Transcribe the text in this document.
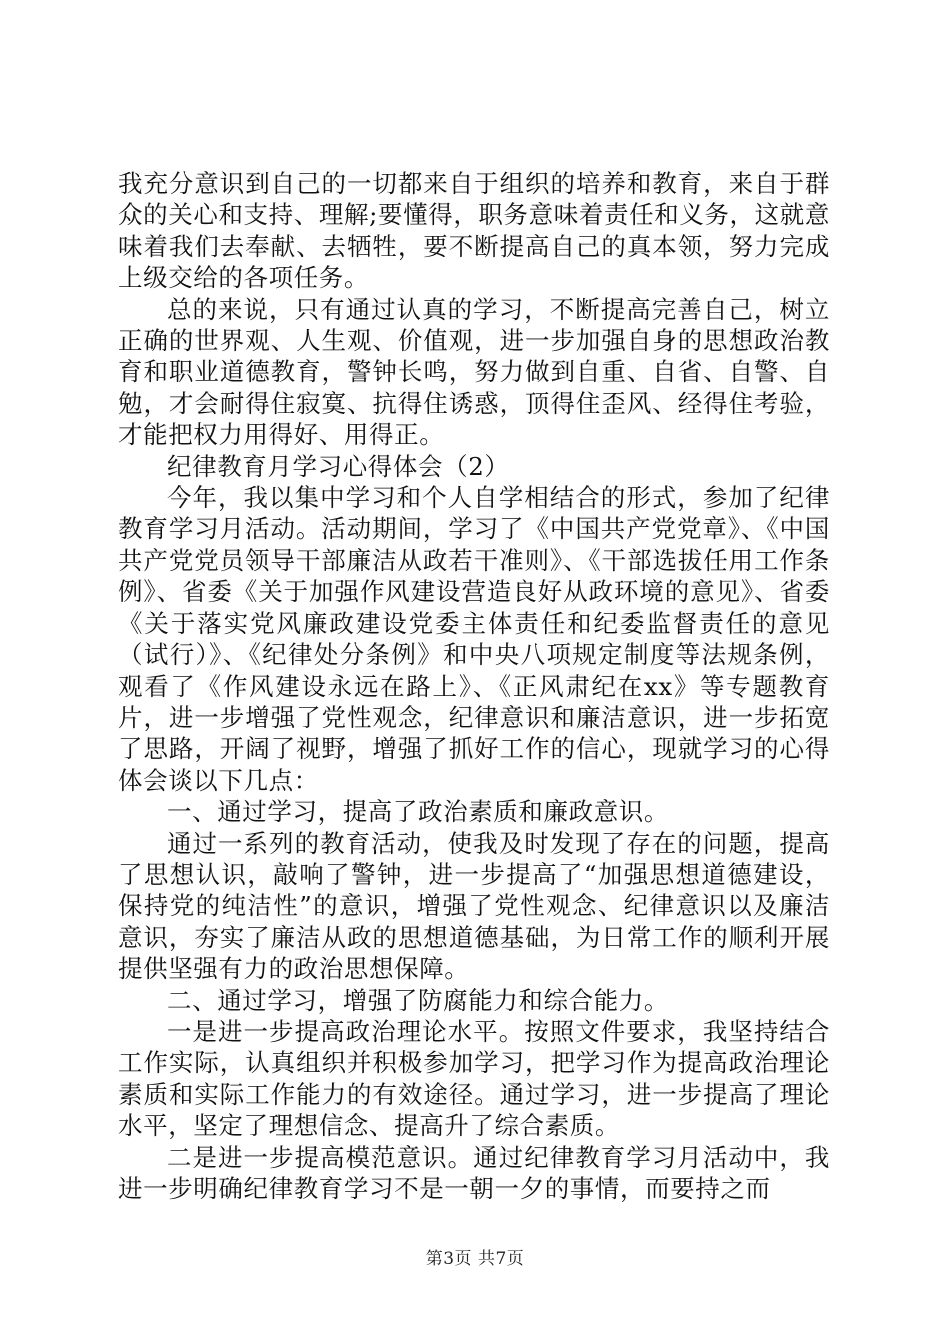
我充分意识到自己的一切都来自于组织的培养和教育，来自于群众的关心和支持、理解;要懂得，职务意味着责任和义务，这就意味着我们去奉献、去牺牲，要不断提高自己的真本领，努力完成上级交给的各项任务。

总的来说，只有通过认真的学习，不断提高完善自己，树立正确的世界观、人生观、价值观，进一步加强自身的思想政治教育和职业道德教育，警钟长鸣，努力做到自重、自省、自警、自勉，才会耐得住寂寞、抗得住诱惑，顶得住歪风、经得住考验，才能把权力用得好、用得正。

纪律教育月学习心得体会（2）

今年，我以集中学习和个人自学相结合的形式，参加了纪律教育学习月活动。活动期间，学习了《中国共产党党章》、《中国共产党党员领导干部廉洁从政若干准则》、《干部选拔任用工作条例》、省委《关于加强作风建设营造良好从政环境的意见》、省委《关于落实党风廉政建设党委主体责任和纪委监督责任的意见（试行）》、《纪律处分条例》和中央八项规定制度等法规条例，观看了《作风建设永远在路上》、《正风肃纪在xx》等专题教育片，进一步增强了党性观念，纪律意识和廉洁意识，进一步拓宽了思路，开阔了视野，增强了抓好工作的信心，现就学习的心得体会谈以下几点：

一、通过学习，提高了政治素质和廉政意识。

通过一系列的教育活动，使我及时发现了存在的问题，提高了思想认识，敲响了警钟，进一步提高了“加强思想道德建设，保持党的纯洁性”的意识，增强了党性观念、纪律意识以及廉洁意识，夯实了廉洁从政的思想道德基础，为日常工作的顺利开展提供坚强有力的政治思想保障。

二、通过学习，增强了防腐能力和综合能力。

一是进一步提高政治理论水平。按照文件要求，我坚持结合工作实际，认真组织并积极参加学习，把学习作为提高政治理论素质和实际工作能力的有效途径。通过学习，进一步提高了理论水平，坚定了理想信念、提高升了综合素质。

二是进一步提高模范意识。通过纪律教育学习月活动中，我进一步明确纪律教育学习不是一朝一夕的事情，而要持之而

第3页 共7页
